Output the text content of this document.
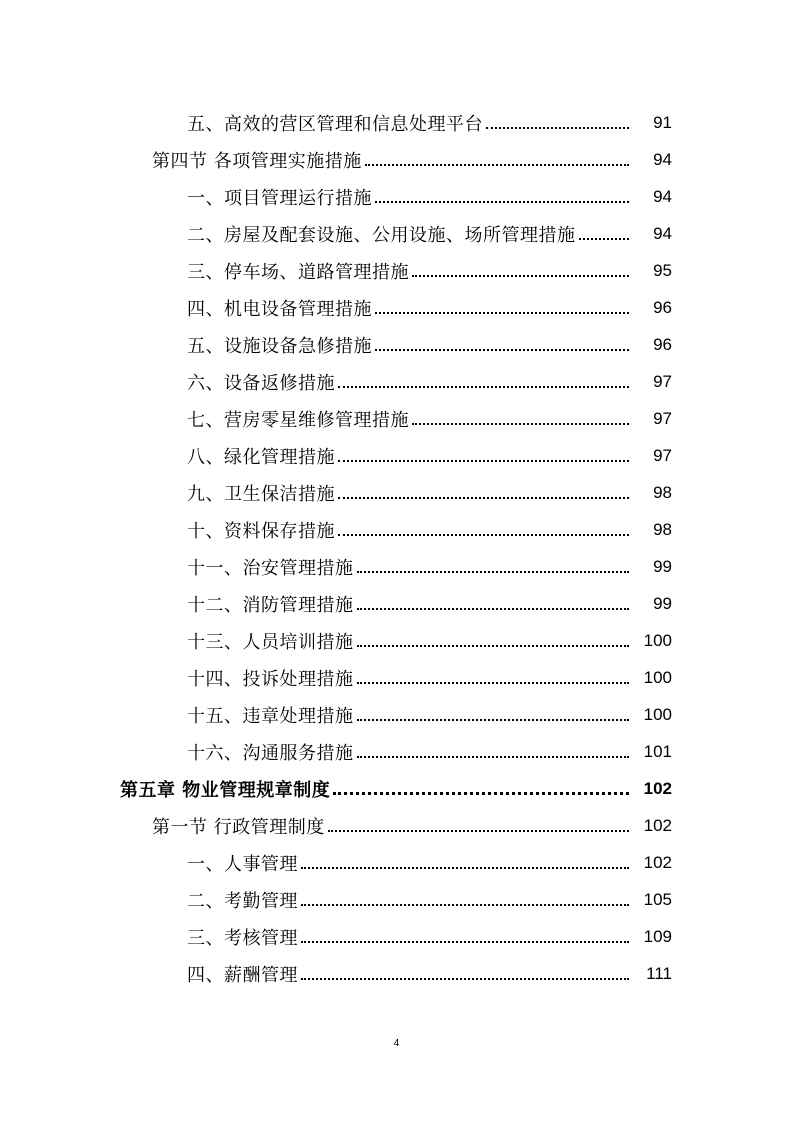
五、高效的营区管理和信息处理平台	91
第四节 各项管理实施措施	94
一、项目管理运行措施	94
二、房屋及配套设施、公用设施、场所管理措施	94
三、停车场、道路管理措施	95
四、机电设备管理措施	96
五、设施设备急修措施	96
六、设备返修措施	97
七、营房零星维修管理措施	97
八、绿化管理措施	97
九、卫生保洁措施	98
十、资料保存措施	98
十一、治安管理措施	99
十二、消防管理措施	99
十三、人员培训措施	100
十四、投诉处理措施	100
十五、违章处理措施	100
十六、沟通服务措施	101
第五章 物业管理规章制度	102
第一节 行政管理制度	102
一、人事管理	102
二、考勤管理	105
三、考核管理	109
四、薪酬管理	111
4
